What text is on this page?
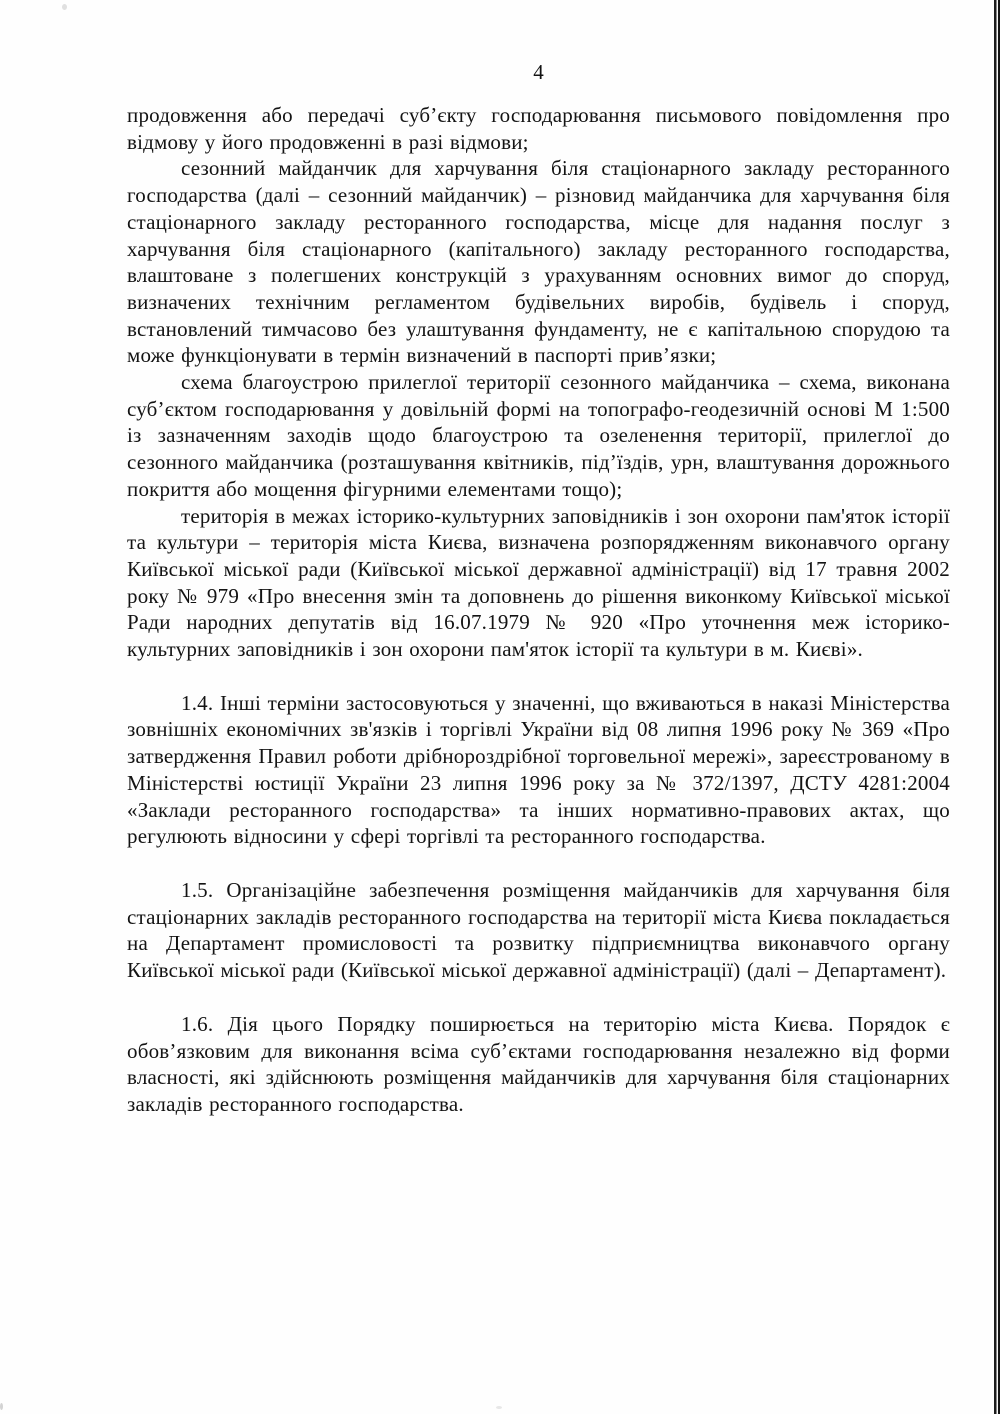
4

продовження або передачі суб’єкту господарювання письмового повідомлення про відмову у його продовженні в разі відмови;

сезонний майданчик для харчування біля стаціонарного закладу ресторанного господарства (далі – сезонний майданчик) – різновид майданчика для харчування біля стаціонарного закладу ресторанного господарства, місце для надання послуг з харчування біля стаціонарного (капітального) закладу ресторанного господарства, влаштоване з полегшених конструкцій з урахуванням основних вимог до споруд, визначених технічним регламентом будівельних виробів, будівель і споруд, встановлений тимчасово без улаштування фундаменту, не є капітальною спорудою та може функціонувати в термін визначений в паспорті прив’язки;

схема благоустрою прилеглої території сезонного майданчика – схема, виконана суб’єктом господарювання у довільній формі на топографо-геодезичній основі М 1:500 із зазначенням заходів щодо благоустрою та озеленення території, прилеглої до сезонного майданчика (розташування квітників, під’їздів, урн, влаштування дорожнього покриття або мощення фігурними елементами тощо);

територія в межах історико-культурних заповідників і зон охорони пам'яток історії та культури – територія міста Києва, визначена розпорядженням виконавчого органу Київської міської ради (Київської міської державної адміністрації) від 17 травня 2002 року № 979 «Про внесення змін та доповнень до рішення виконкому Київської міської Ради народних депутатів від 16.07.1979 № 920 «Про уточнення меж історико-культурних заповідників і зон охорони пам'яток історії та культури в м. Києві».

1.4. Інші терміни застосовуються у значенні, що вживаються в наказі Міністерства зовнішніх економічних зв'язків і торгівлі України від 08 липня 1996 року № 369 «Про затвердження Правил роботи дрібнороздрібної торговельної мережі», зареєстрованому в Міністерстві юстиції України 23 липня 1996 року за № 372/1397, ДСТУ 4281:2004 «Заклади ресторанного господарства» та інших нормативно-правових актах, що регулюють відносини у сфері торгівлі та ресторанного господарства.

1.5. Організаційне забезпечення розміщення майданчиків для харчування біля стаціонарних закладів ресторанного господарства на території міста Києва покладається на Департамент промисловості та розвитку підприємництва виконавчого органу Київської міської ради (Київської міської державної адміністрації) (далі – Департамент).

1.6. Дія цього Порядку поширюється на територію міста Києва. Порядок є обов’язковим для виконання всіма суб’єктами господарювання незалежно від форми власності, які здійснюють розміщення майданчиків для харчування біля стаціонарних закладів ресторанного господарства.
